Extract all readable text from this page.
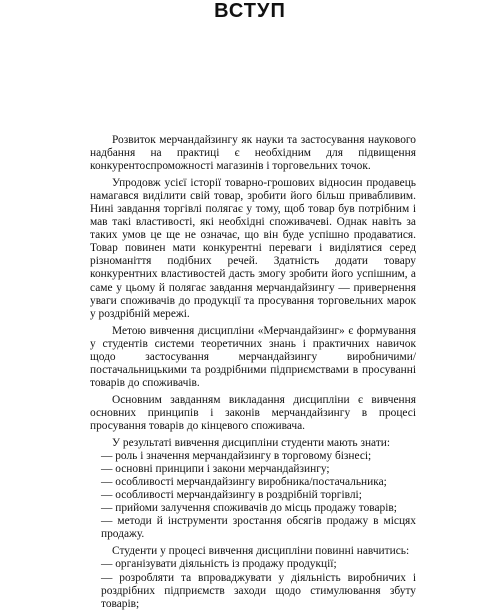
ВСТУП

Розвиток мерчандайзингу як науки та застосування наукового надбання на практиці є необхідним для підвищення конкурентоспроможності магазинів і торговельних точок.

Упродовж усієї історії товарно-грошових відносин продавець намагався виділити свій товар, зробити його більш привабливим. Нині завдання торгівлі полягає у тому, щоб товар був потрібним і мав такі властивості, які необхідні споживачеві. Однак навіть за таких умов це ще не означає, що він буде успішно продаватися. Товар повинен мати конкурентні переваги і виділятися серед різноманіття подібних речей. Здатність додати товару конкурентних властивостей дасть змогу зробити його успішним, а саме у цьому й полягає завдання мерчандайзингу — привернення уваги споживачів до продукції та просування торговельних марок у роздрібній мережі.

Метою вивчення дисципліни «Мерчандайзинг» є формування у студентів системи теоретичних знань і практичних навичок щодо застосування мерчандайзингу виробничими/постачальницькими та роздрібними підприємствами в просуванні товарів до споживачів.

Основним завданням викладання дисципліни є вивчення основних принципів і законів мерчандайзингу в процесі просування товарів до кінцевого споживача.

У результаті вивчення дисципліни студенти мають знати:

— роль і значення мерчандайзингу в торговому бізнесі;
— основні принципи і закони мерчандайзингу;
— особливості мерчандайзингу виробника/постачальника;
— особливості мерчандайзингу в роздрібній торгівлі;
— прийоми залучення споживачів до місць продажу товарів;
— методи й інструменти зростання обсягів продажу в місцях продажу.

Студенти у процесі вивчення дисципліни повинні навчитись:

— організувати діяльність із продажу продукції;
— розробляти та впроваджувати у діяльність виробничих і роздрібних підприємств заходи щодо стимулювання збуту товарів;
